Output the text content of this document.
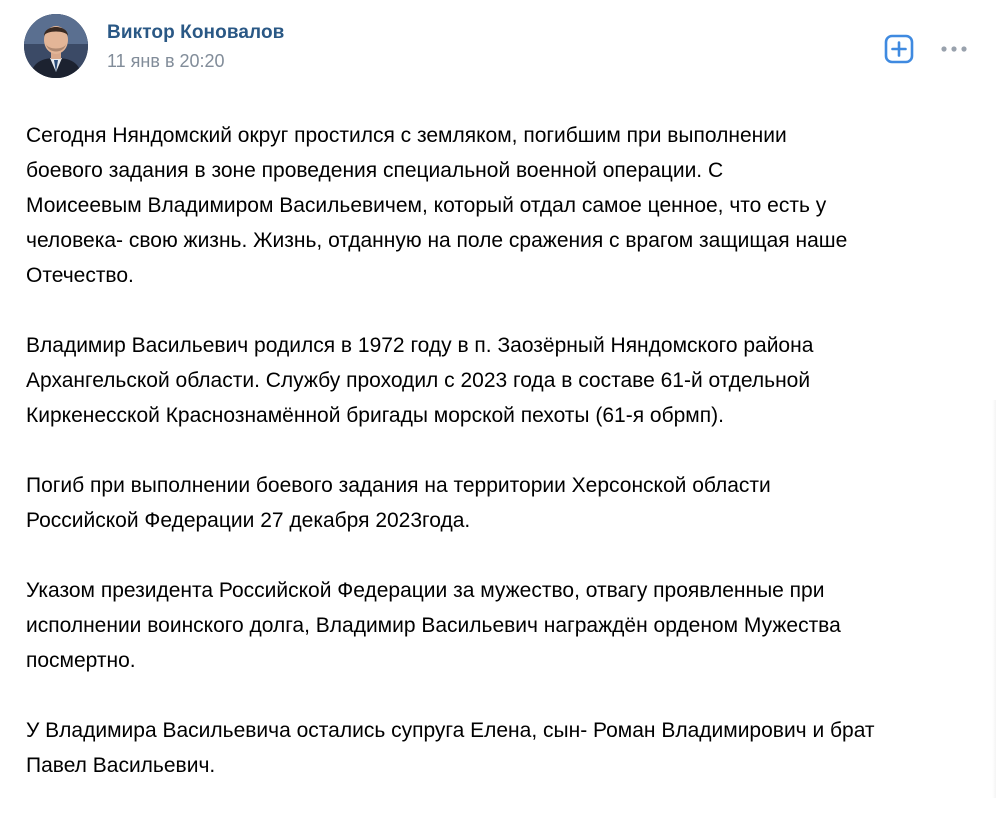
Виктор Коновалов
11 янв в 20:20

Сегодня Няндомский округ простился с земляком, погибшим при выполнении
боевого задания в зоне проведения специальной военной операции. С
Моисеевым Владимиром Васильевичем, который отдал самое ценное, что есть у
человека- свою жизнь. Жизнь, отданную на поле сражения с врагом защищая наше
Отечество.

Владимир Васильевич родился в 1972 году в п. Заозёрный Няндомского района
Архангельской области. Службу проходил с 2023 года в составе 61-й отдельной
Киркенесской Краснознамённой бригады морской пехоты (61-я обрмп).

Погиб при выполнении боевого задания на территории Херсонской области
Российской Федерации 27 декабря 2023года.

Указом президента Российской Федерации за мужество, отвагу проявленные при
исполнении воинского долга, Владимир Васильевич награждён орденом Мужества
посмертно.

У Владимира Васильевича остались супруга Елена, сын- Роман Владимирович и брат
Павел Васильевич.
